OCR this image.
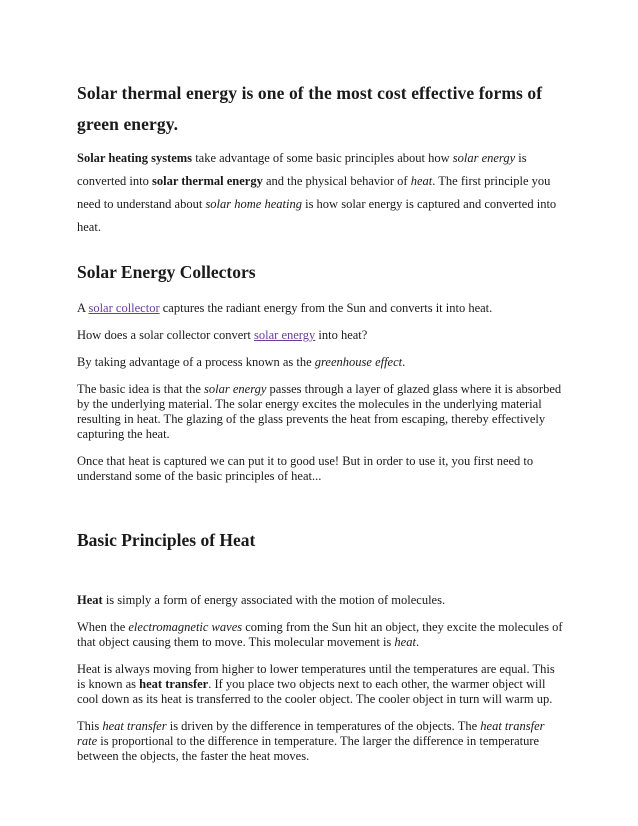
Solar thermal energy is one of the most cost effective forms of green energy.

Solar heating systems take advantage of some basic principles about how solar energy is converted into solar thermal energy and the physical behavior of heat. The first principle you need to understand about solar home heating is how solar energy is captured and converted into heat.

Solar Energy Collectors

A solar collector captures the radiant energy from the Sun and converts it into heat.

How does a solar collector convert solar energy into heat?

By taking advantage of a process known as the greenhouse effect.

The basic idea is that the solar energy passes through a layer of glazed glass where it is absorbed by the underlying material. The solar energy excites the molecules in the underlying material resulting in heat. The glazing of the glass prevents the heat from escaping, thereby effectively capturing the heat.

Once that heat is captured we can put it to good use! But in order to use it, you first need to understand some of the basic principles of heat...

Basic Principles of Heat

Heat is simply a form of energy associated with the motion of molecules.

When the electromagnetic waves coming from the Sun hit an object, they excite the molecules of that object causing them to move. This molecular movement is heat.

Heat is always moving from higher to lower temperatures until the temperatures are equal. This is known as heat transfer. If you place two objects next to each other, the warmer object will cool down as its heat is transferred to the cooler object. The cooler object in turn will warm up.

This heat transfer is driven by the difference in temperatures of the objects. The heat transfer rate is proportional to the difference in temperature. The larger the difference in temperature between the objects, the faster the heat moves.
